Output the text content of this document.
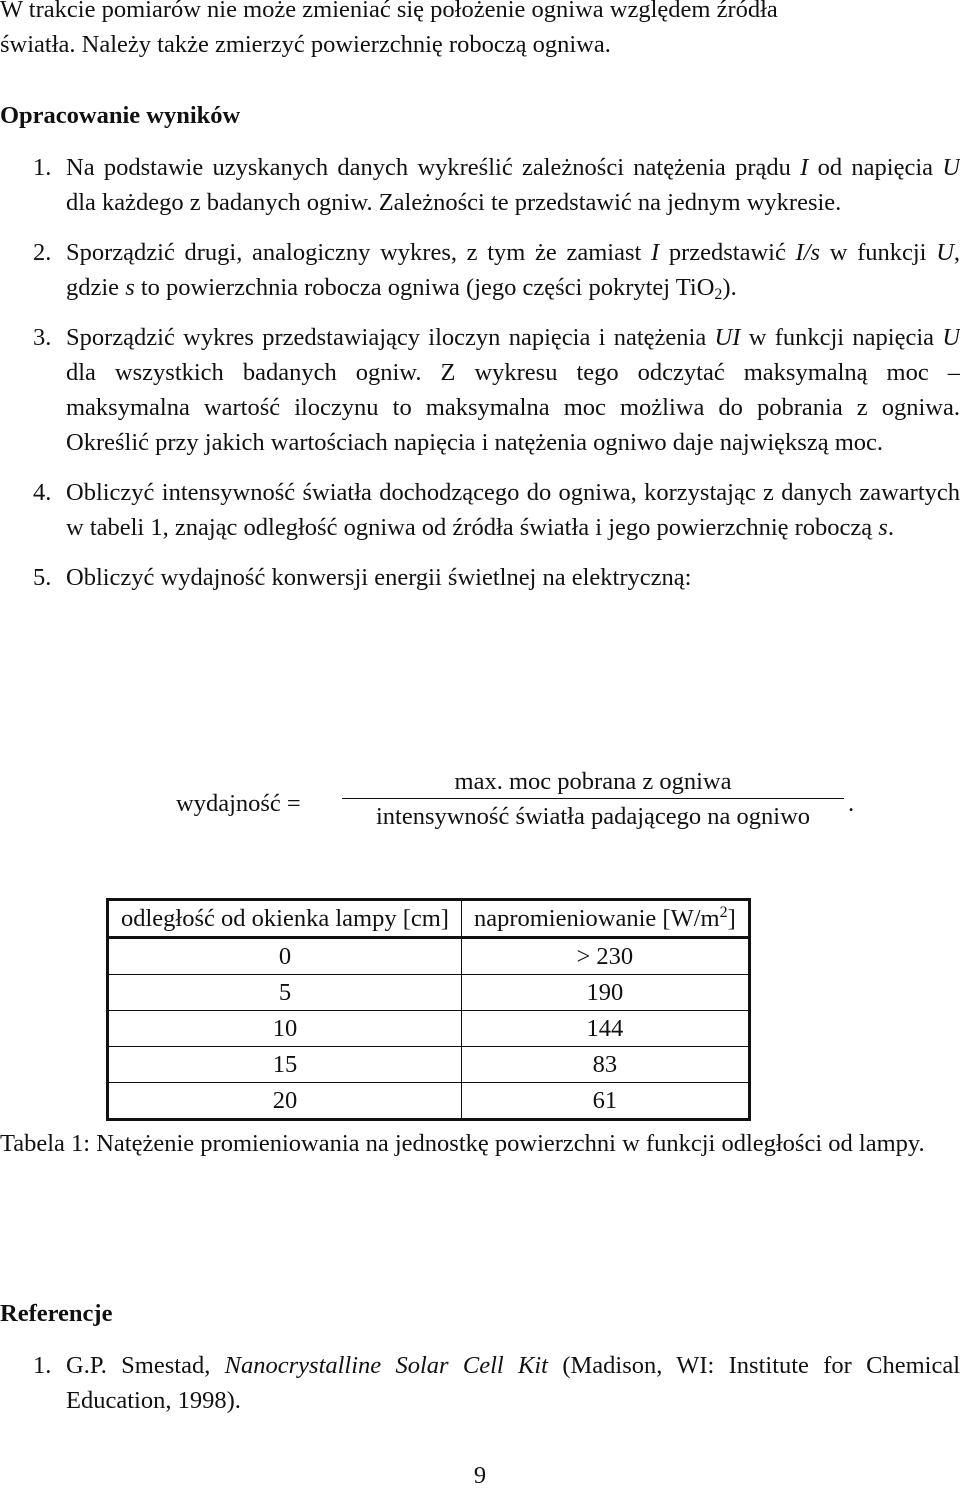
W trakcie pomiarów nie może zmieniać się położenie ogniwa względem źródła

światła. Należy także zmierzyć powierzchnię roboczą ogniwa.

Opracowanie wyników
1. Na podstawie uzyskanych danych wykreślić zależności natężenia prądu I od napięcia U dla każdego z badanych ogniw. Zależności te przedstawić na jednym wykresie.
2. Sporządzić drugi, analogiczny wykres, z tym że zamiast I przedstawić I/s w funkcji U, gdzie s to powierzchnia robocza ogniwa (jego części pokrytej TiO$_2$).
3. Sporządzić wykres przedstawiający iloczyn napięcia i natężenia UI w funkcji napięcia U dla wszystkich badanych ogniw. Z wykresu tego odczytać maksymalną moc – maksymalna wartość iloczynu to maksymalna moc możliwa do pobrania z ogniwa. Określić przy jakich wartościach napięcia i natężenia ogniwo daje największą moc.
4. Obliczyć intensywność światła dochodzącego do ogniwa, korzystając z danych zawartych w tabeli 1, znając odległość ogniwa od źródła światła i jego powierzchnię roboczą s.
5. Obliczyć wydajność konwersji energii świetlnej na elektryczną:
wydajność =
max. moc pobrana z ogniwa
intensywność światła padającego na ogniwo	.
odległość od okienka lampy [cm]	napromieniowanie $[W/m^2]$
0	> 230
5	190
10	144
15	83
20	61
Tabela 1: Natężenie promieniowania na jednostkę powierzchni w funkcji odległości od lampy.
Referencje
1. G.P. Smestad, Nanocrystalline Solar Cell Kit (Madison, WI: Institute for Chemical Education, 1998).
9
